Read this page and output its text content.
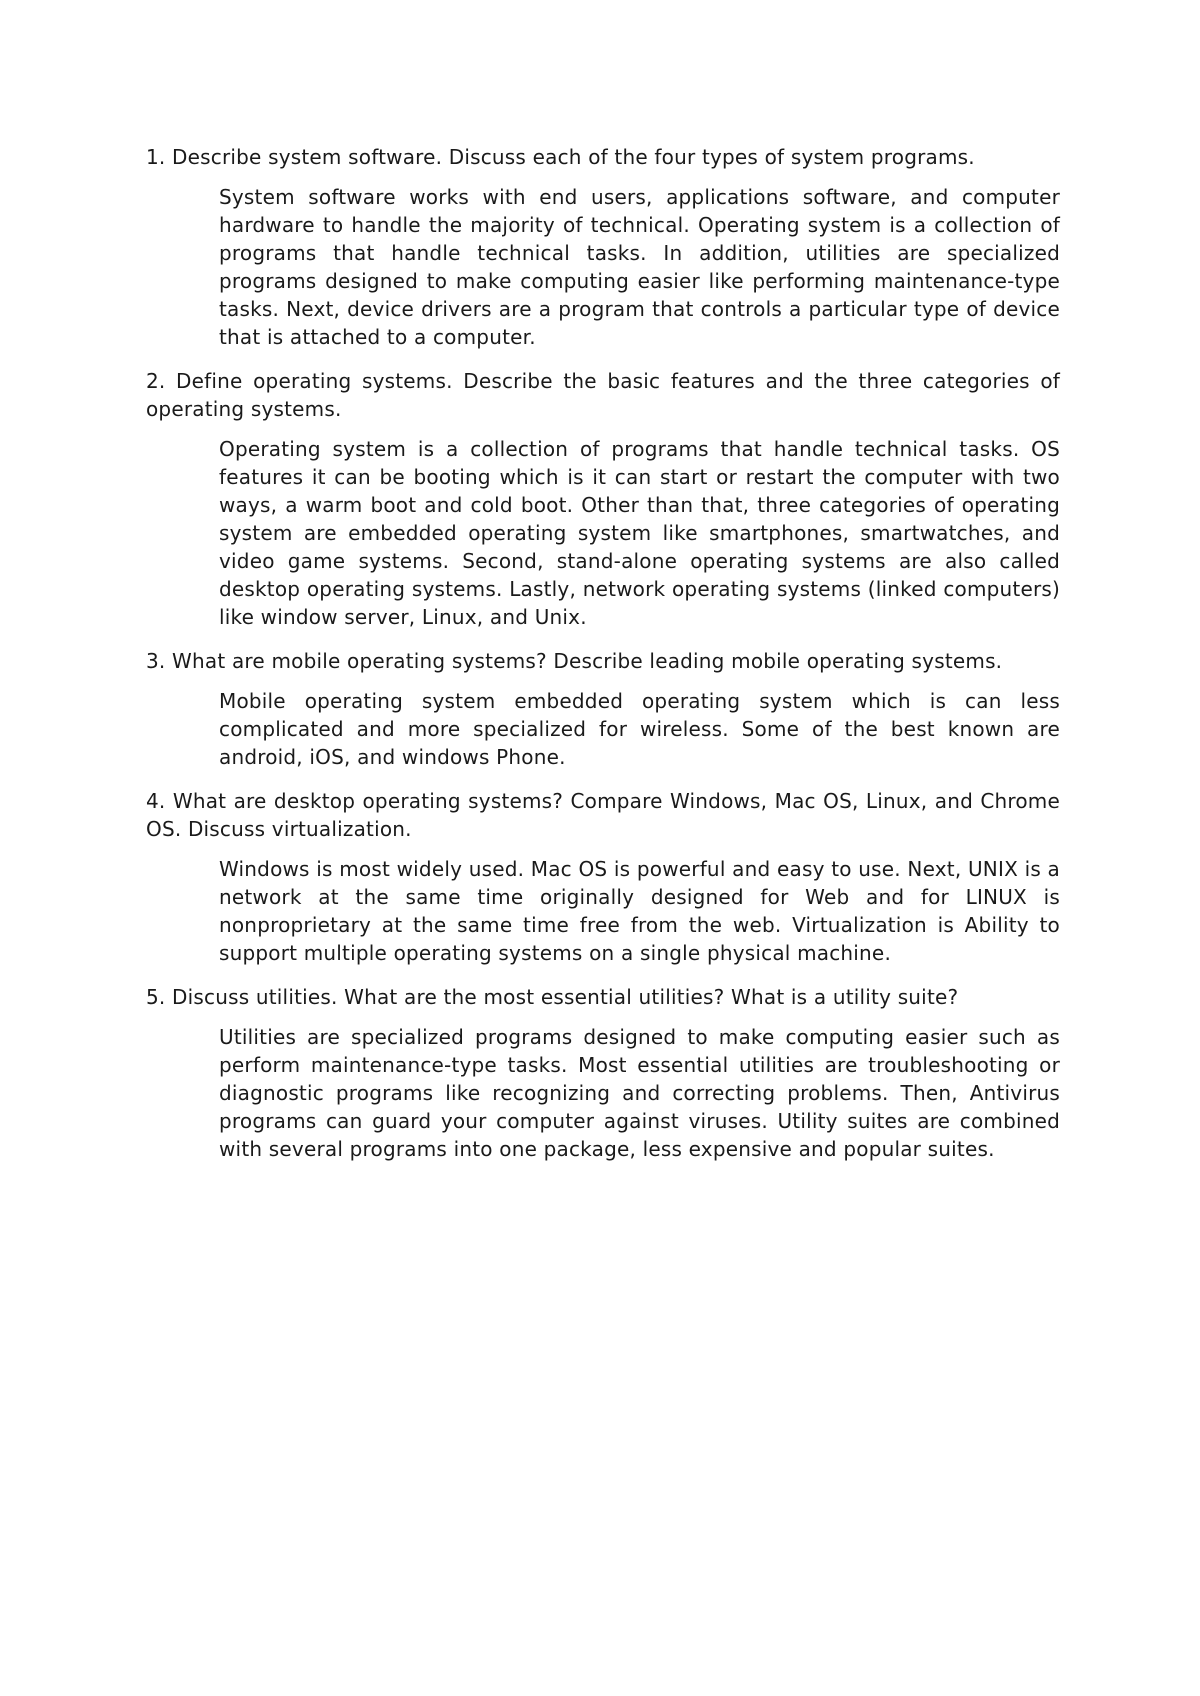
1. Describe system software. Discuss each of the four types of system programs.

System software works with end users, applications software, and computer hardware to handle the majority of technical. Operating system is a collection of programs that handle technical tasks. In addition, utilities are specialized programs designed to make computing easier like performing maintenance-type tasks. Next, device drivers are a program that controls a particular type of device that is attached to a computer.

2. Define operating systems. Describe the basic features and the three categories of operating systems.

Operating system is a collection of programs that handle technical tasks. OS features it can be booting which is it can start or restart the computer with two ways, a warm boot and cold boot. Other than that, three categories of operating system are embedded operating system like smartphones, smartwatches, and video game systems. Second, stand-alone operating systems are also called desktop operating systems. Lastly, network operating systems (linked computers) like window server, Linux, and Unix.

3. What are mobile operating systems? Describe leading mobile operating systems.

Mobile operating system embedded operating system which is can less complicated and more specialized for wireless. Some of the best known are android, iOS, and windows Phone.

4. What are desktop operating systems? Compare Windows, Mac OS, Linux, and Chrome OS. Discuss virtualization.

Windows is most widely used. Mac OS is powerful and easy to use. Next, UNIX is a network at the same time originally designed for Web and for LINUX is nonproprietary at the same time free from the web. Virtualization is Ability to support multiple operating systems on a single physical machine.

5. Discuss utilities. What are the most essential utilities? What is a utility suite?

Utilities are specialized programs designed to make computing easier such as perform maintenance-type tasks. Most essential utilities are troubleshooting or diagnostic programs like recognizing and correcting problems. Then, Antivirus programs can guard your computer against viruses. Utility suites are combined with several programs into one package, less expensive and popular suites.
